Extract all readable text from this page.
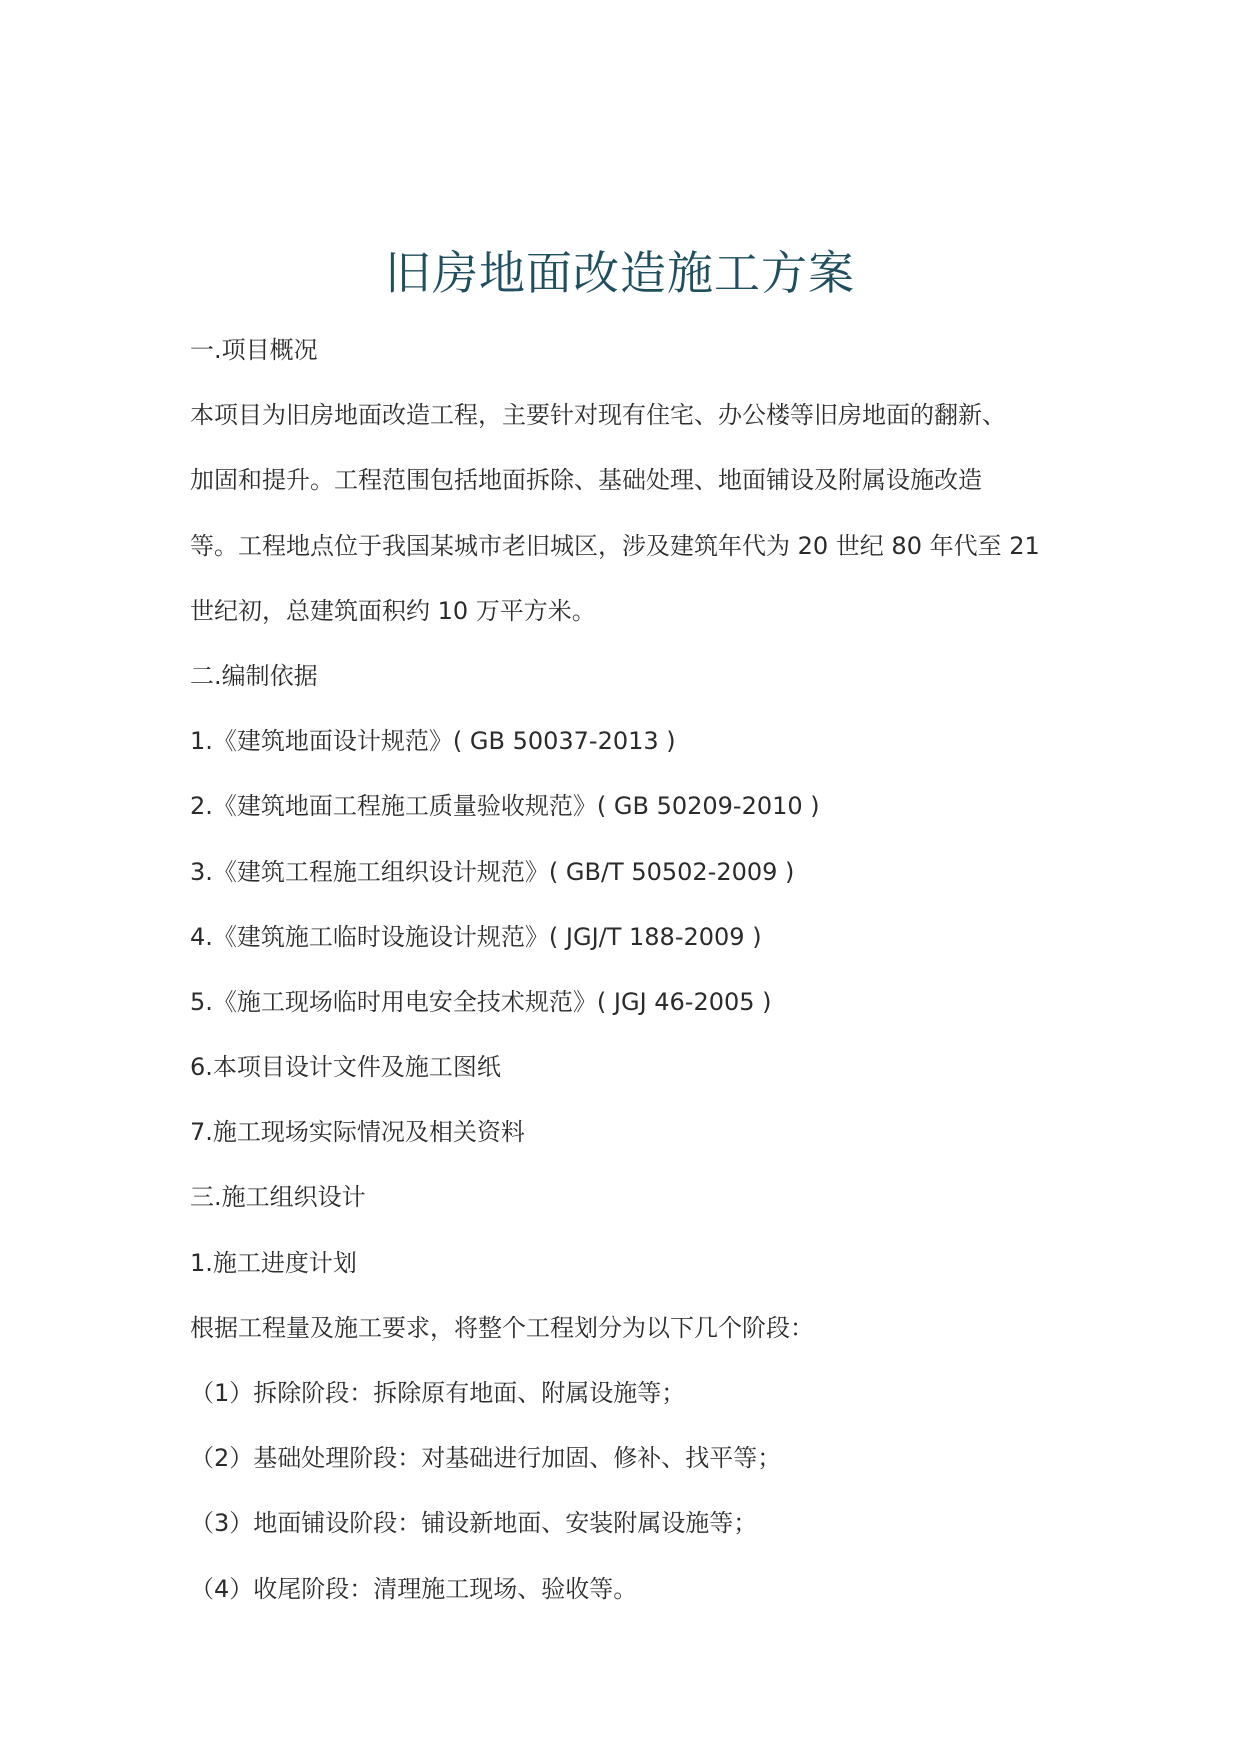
旧房地面改造施工方案
一.项目概况
本项目为旧房地面改造工程，主要针对现有住宅、办公楼等旧房地面的翻新、
加固和提升。工程范围包括地面拆除、基础处理、地面铺设及附属设施改造
等。工程地点位于我国某城市老旧城区，涉及建筑年代为 20 世纪 80 年代至 21
世纪初，总建筑面积约 10 万平方米。
二.编制依据
1.《建筑地面设计规范》( GB 50037-2013 )
2.《建筑地面工程施工质量验收规范》( GB 50209-2010 )
3.《建筑工程施工组织设计规范》( GB/T 50502-2009 )
4.《建筑施工临时设施设计规范》( JGJ/T 188-2009 )
5.《施工现场临时用电安全技术规范》( JGJ 46-2005 )
6.本项目设计文件及施工图纸
7.施工现场实际情况及相关资料
三.施工组织设计
1.施工进度计划
根据工程量及施工要求，将整个工程划分为以下几个阶段：
（1）拆除阶段：拆除原有地面、附属设施等；
（2）基础处理阶段：对基础进行加固、修补、找平等；
（3）地面铺设阶段：铺设新地面、安装附属设施等；
（4）收尾阶段：清理施工现场、验收等。
